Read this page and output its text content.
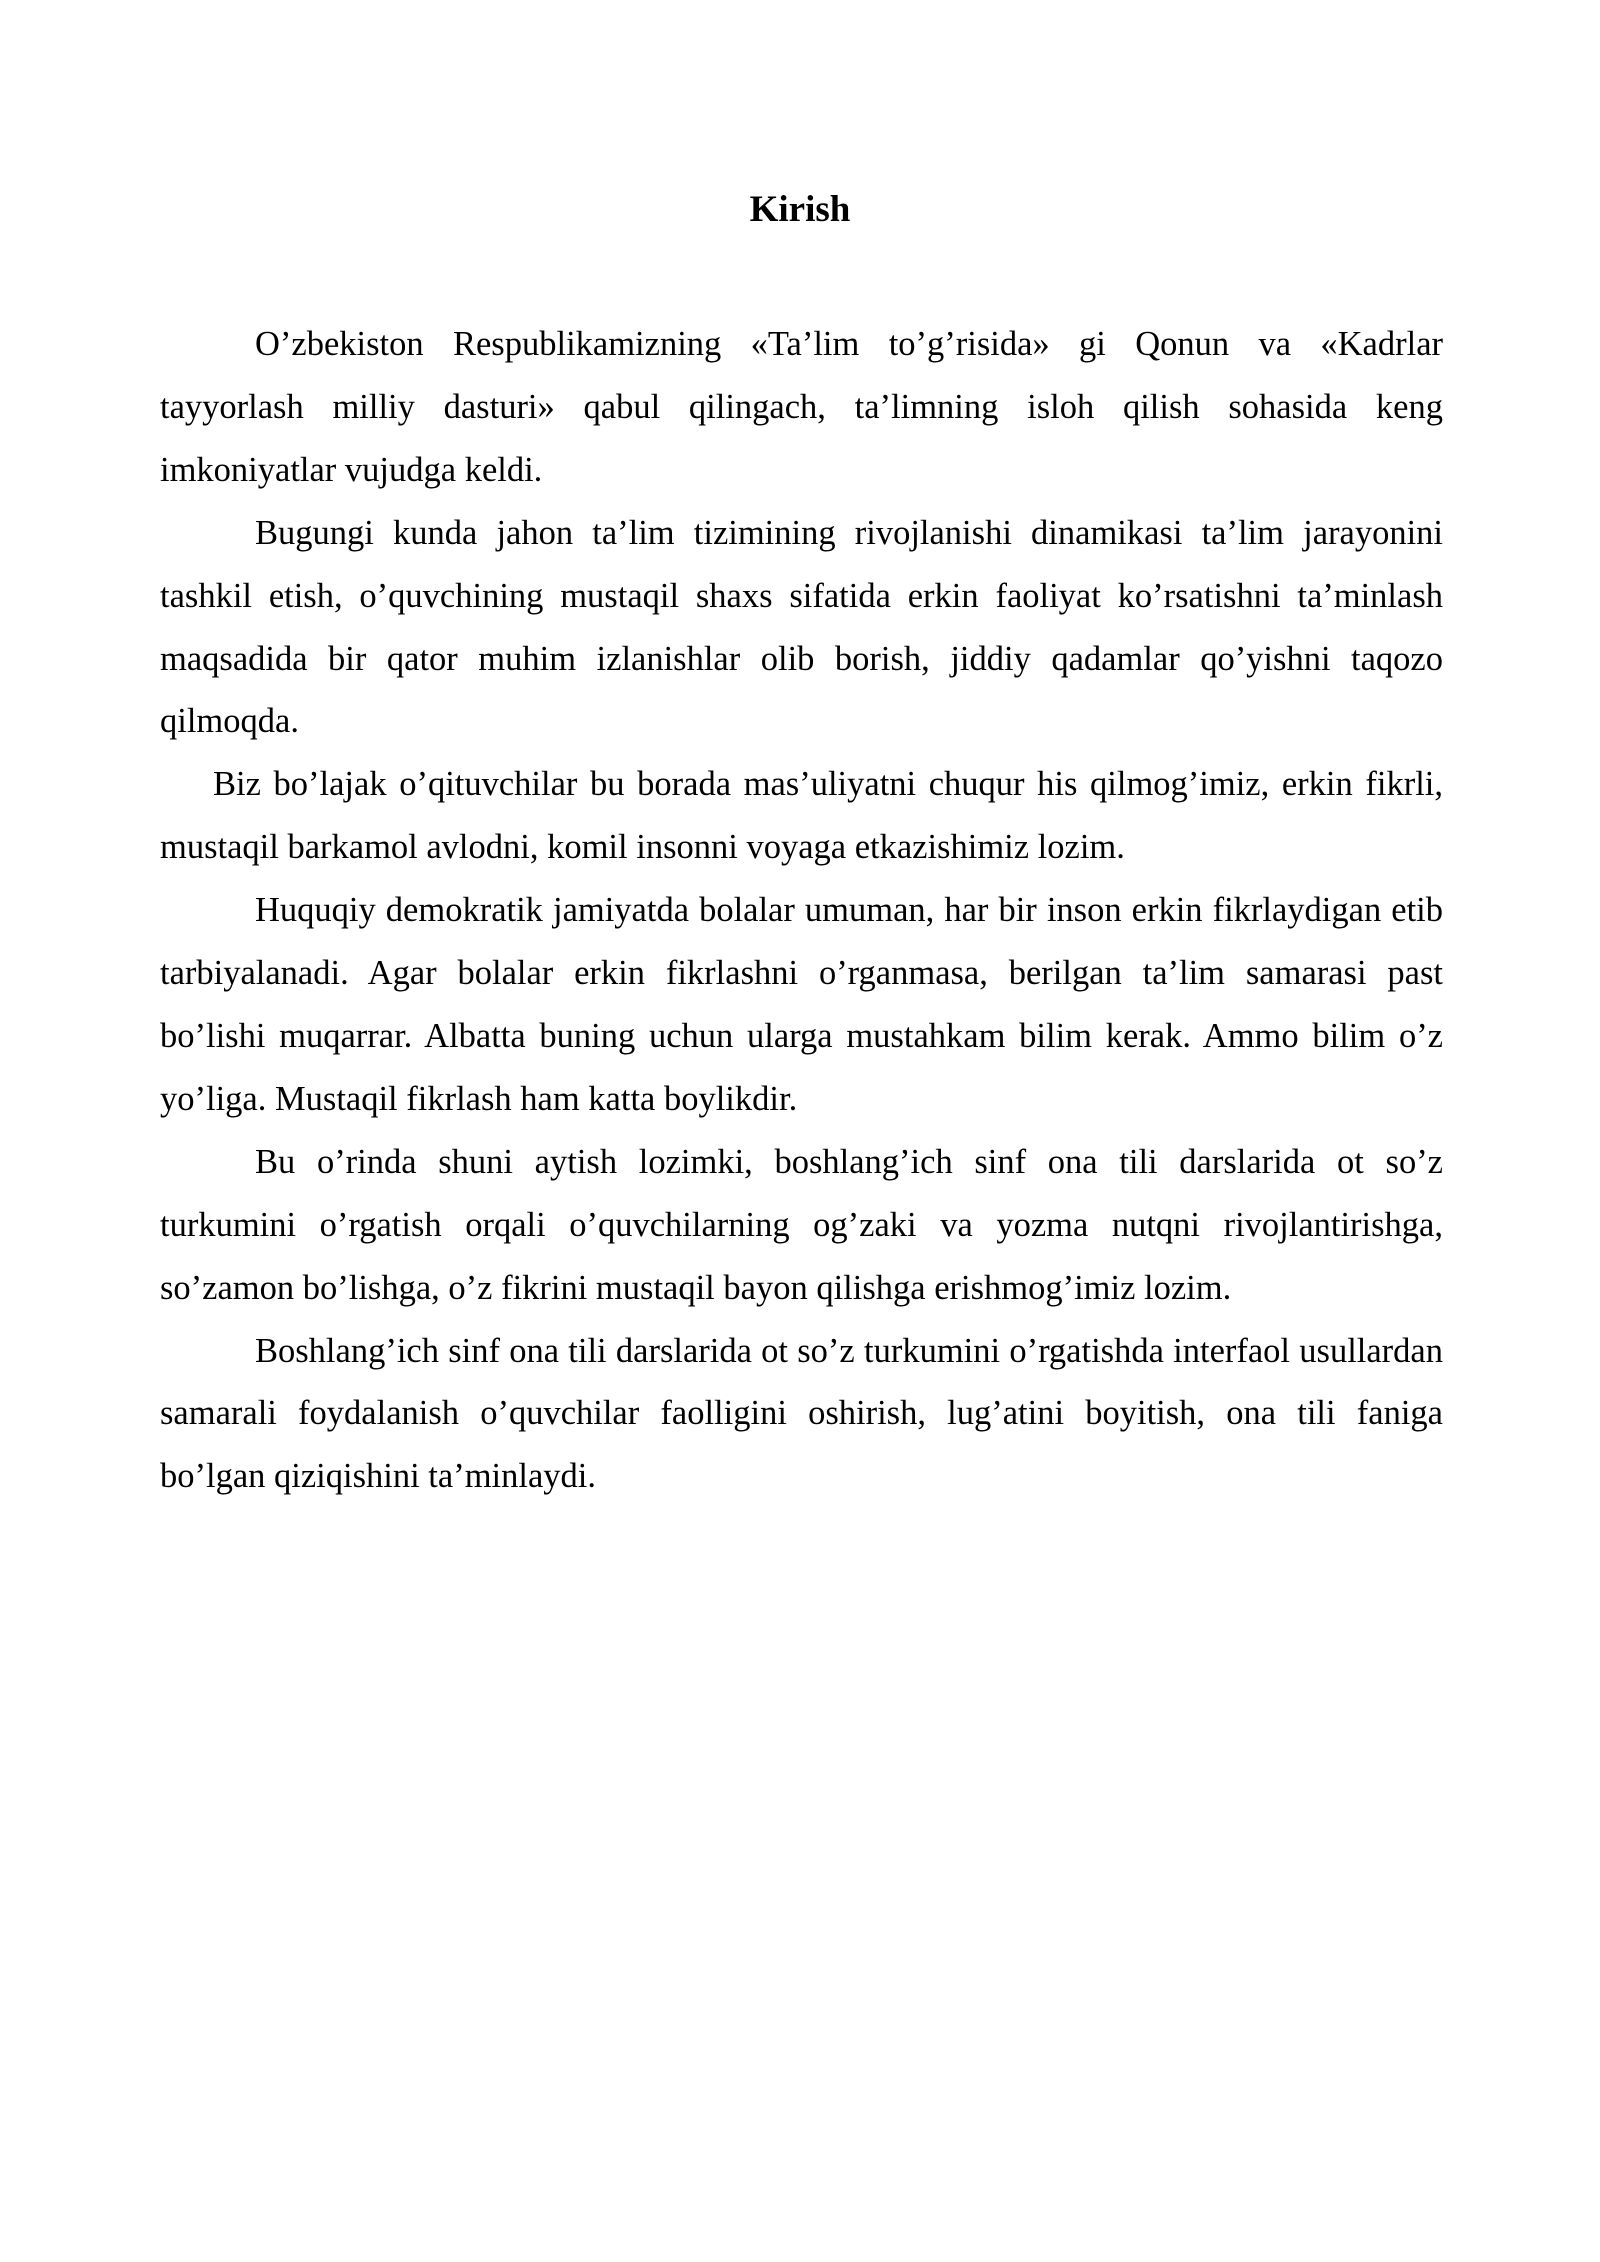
Kirish

O’zbekiston Respublikamizning «Ta’lim to’g’risida» gi Qonun va «Kadrlar tayyorlash milliy dasturi» qabul qilingach, ta’limning isloh qilish sohasida keng imkoniyatlar vujudga keldi.

Bugungi kunda jahon ta’lim tizimining rivojlanishi dinamikasi ta’lim jarayonini tashkil etish, o’quvchining mustaqil shaxs sifatida erkin faoliyat ko’rsatishni ta’minlash maqsadida bir qator muhim izlanishlar olib borish, jiddiy qadamlar qo’yishni taqozo qilmoqda.

Biz bo’lajak o’qituvchilar bu borada mas’uliyatni chuqur his qilmog’imiz, erkin fikrli, mustaqil barkamol avlodni, komil insonni voyaga etkazishimiz lozim.

Huquqiy demokratik jamiyatda bolalar umuman, har bir inson erkin fikrlaydigan etib tarbiyalanadi. Agar bolalar erkin fikrlashni o’rganmasa, berilgan ta’lim samarasi past bo’lishi muqarrar. Albatta buning uchun ularga mustahkam bilim kerak. Ammo bilim o’z yo’liga. Mustaqil fikrlash ham katta boylikdir.

Bu o’rinda shuni aytish lozimki, boshlang’ich sinf ona tili darslarida ot so’z turkumini o’rgatish orqali o’quvchilarning og’zaki va yozma nutqni rivojlantirishga, so’zamon bo’lishga, o’z fikrini mustaqil bayon qilishga erishmog’imiz lozim.

Boshlang’ich sinf ona tili darslarida ot so’z turkumini o’rgatishda interfaol usullardan samarali foydalanish o’quvchilar faolligini oshirish, lug’atini boyitish, ona tili faniga bo’lgan qiziqishini ta’minlaydi.
